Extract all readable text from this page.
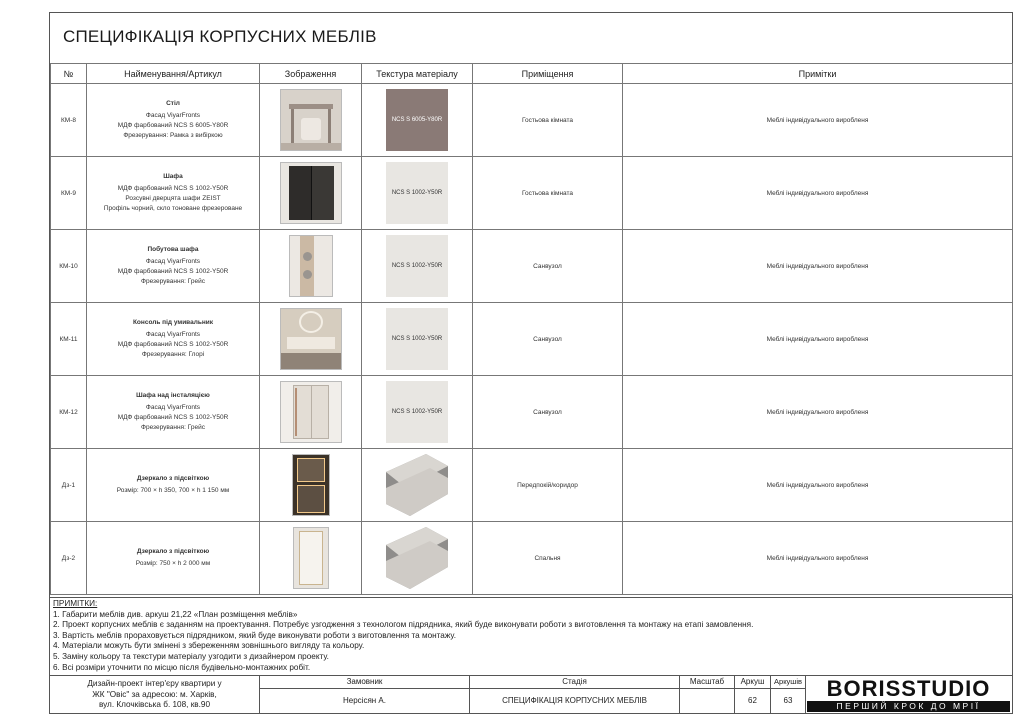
СПЕЦИФІКАЦІЯ КОРПУСНИХ МЕБЛІВ
№	Найменування/Артикул	Зображення	Текстура матеріалу	Приміщення	Примітки
КМ-8	Стіл
Фасад ViyarFronts
МДФ фарбований NCS S 6005-Y80R
Фрезерування: Рамка з вибіркою		NCS S 6005-Y80R	Гостьова кімната	Меблі індивідуального виробленя
КМ-9	Шафа
МДФ фарбований NCS S 1002-Y50R
Розсувні дверцята шафи ZEIST
Профіль чорний, скло тоноване фрезероване		NCS S 1002-Y50R	Гостьова кімната	Меблі індивідуального виробленя
КМ-10	Побутова шафа
Фасад ViyarFronts
МДФ фарбований NCS S 1002-Y50R
Фрезерування: Грейс		NCS S 1002-Y50R	Санвузол	Меблі індивідуального виробленя
КМ-11	Консоль під умивальник
Фасад ViyarFronts
МДФ фарбований NCS S 1002-Y50R
Фрезерування: Глорі		NCS S 1002-Y50R	Санвузол	Меблі індивідуального виробленя
КМ-12	Шафа над інсталяцією
Фасад ViyarFronts
МДФ фарбований NCS S 1002-Y50R
Фрезерування: Грейс		NCS S 1002-Y50R	Санвузол	Меблі індивідуального виробленя
Дз-1	Дзеркало з підсвіткою
Розмір: 700 × h 350, 700 × h 1 150 мм			Передпокій/коридор	Меблі індивідуального виробленя
Дз-2	Дзеркало з підсвіткою
Розмір: 750 × h 2 000 мм			Спальня	Меблі індивідуального виробленя
ПРИМІТКИ:
1. Габарити меблів див. аркуш 21,22 «План розміщення меблів»
2. Проект корпусних меблів є заданням на проектування. Потребує узгодження з технологом підрядника, який буде виконувати роботи з виготовлення та монтажу на етапі замовлення.
3. Вартість меблів прораховується підрядником, який буде виконувати роботи з виготовлення та монтажу.
4. Матеріали можуть бути змінені з збереженням зовнішнього вигляду та кольору.
5. Заміну кольору та текстури матеріалу узгодити з дизайнером проекту.
6. Всі розміри уточнити по місцю після будівельно-монтажних робіт.
Дизайн-проект інтер'єру квартири у
ЖК "Овіс" за адресою: м. Харків,
вул. Клочківська б. 108, кв.90
Замовник
Нерсісян А.
Стадія
СПЕЦИФІКАЦІЯ КОРПУСНИХ МЕБЛІВ
Масштаб	Аркуш
62
Аркушів
63	BORISSTUDIO
ПЕРШИЙ КРОК ДО МРІЇ
